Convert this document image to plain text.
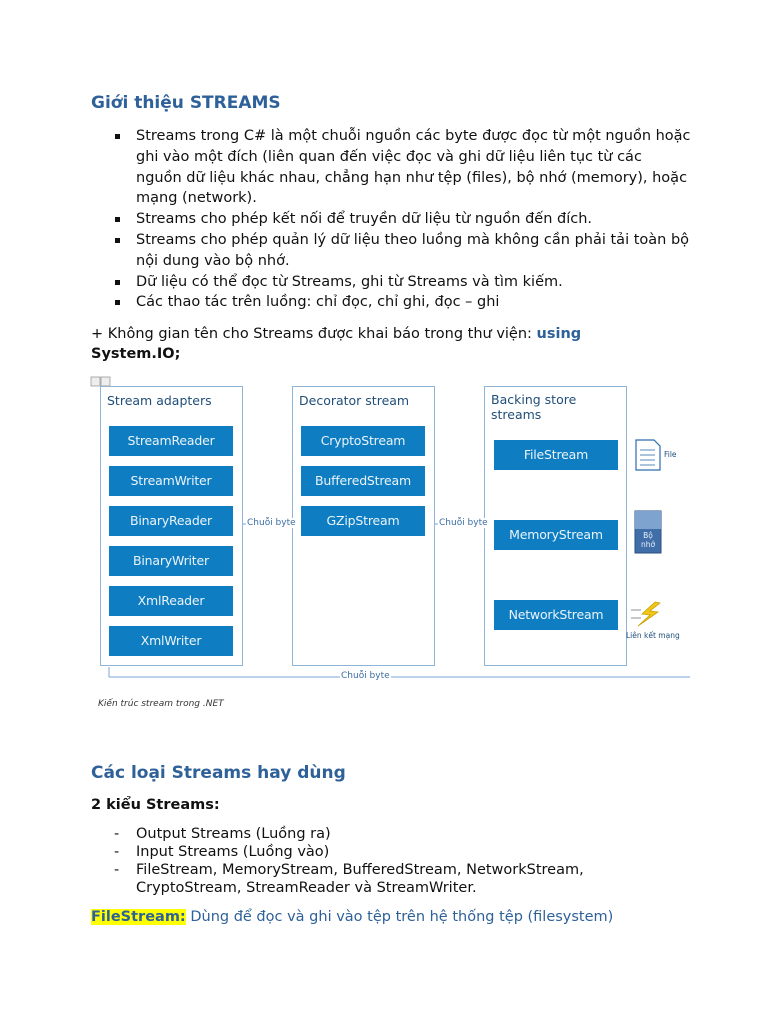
Giới thiệu STREAMS
Streams trong C# là một chuỗi nguồn các byte được đọc từ một nguồn hoặc ghi vào một đích (liên quan đến việc đọc và ghi dữ liệu liên tục từ các nguồn dữ liệu khác nhau, chẳng hạn như tệp (files), bộ nhớ (memory), hoặc mạng (network).
Streams cho phép kết nối để truyền dữ liệu từ nguồn đến đích.
Streams cho phép quản lý dữ liệu theo luồng mà không cần phải tải toàn bộ nội dung vào bộ nhớ.
Dữ liệu có thể đọc từ Streams, ghi từ Streams và tìm kiếm.
Các thao tác trên luồng: chỉ đọc, chỉ ghi, đọc – ghi
+ Không gian tên cho Streams được khai báo trong thư viện: using
System.IO;
Stream adapters	Decorator stream	Backing store
streams
StreamReader
StreamWriter
BinaryReader
BinaryWriter
XmlReader
XmlWriter
CryptoStream
BufferedStream
GZipStream
FileStream
MemoryStream
NetworkStream
Chuỗi byte	Chuỗi byte
Chuỗi byte
File
Bộ
nhớ
Liên kết mạng
Kiến trúc stream trong .NET
Các loại Streams hay dùng
2 kiểu Streams:
- Output Streams (Luồng ra)
- Input Streams (Luồng vào)
- FileStream, MemoryStream, BufferedStream, NetworkStream, CryptoStream, StreamReader và StreamWriter.
FileStream: Dùng để đọc và ghi vào tệp trên hệ thống tệp (filesystem)
